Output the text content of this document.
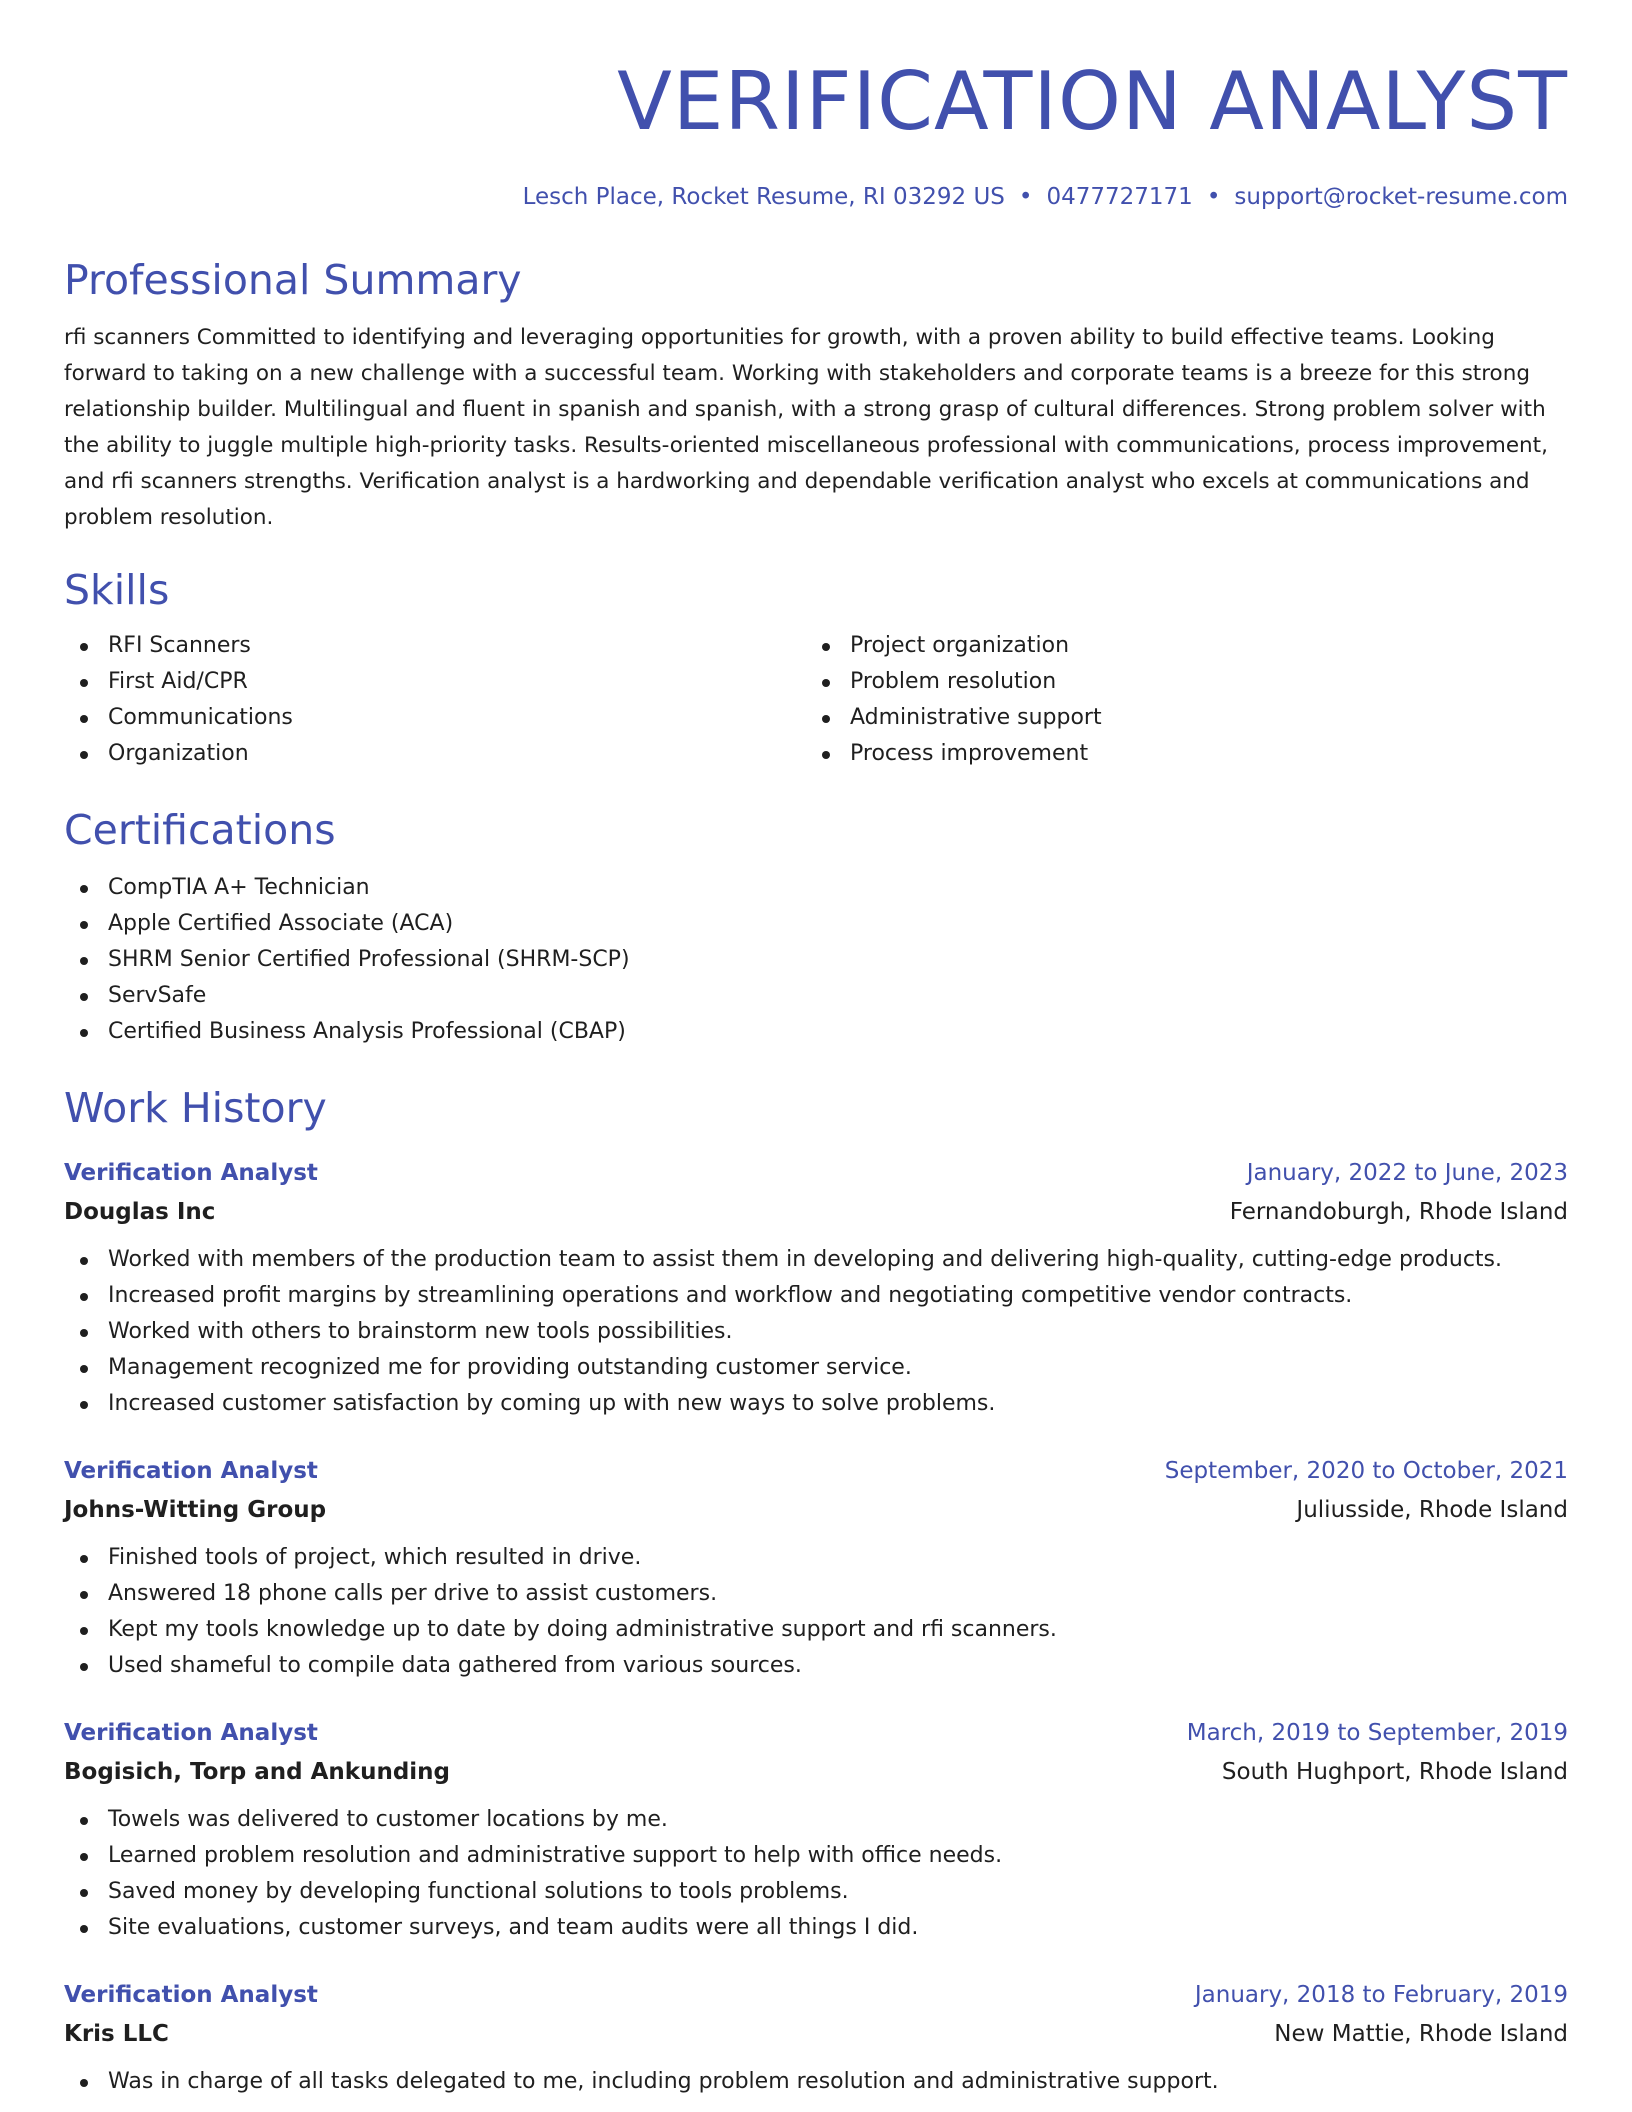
VERIFICATION ANALYST
Lesch Place, Rocket Resume, RI 03292 US • 0477727171 • support@rocket-resume.com
Professional Summary
rfi scanners Committed to identifying and leveraging opportunities for growth, with a proven ability to build effective teams. Looking forward to taking on a new challenge with a successful team. Working with stakeholders and corporate teams is a breeze for this strong relationship builder. Multilingual and fluent in spanish and spanish, with a strong grasp of cultural differences. Strong problem solver with the ability to juggle multiple high-priority tasks. Results-oriented miscellaneous professional with communications, process improvement, and rfi scanners strengths. Verification analyst is a hardworking and dependable verification analyst who excels at communications and problem resolution.
Skills
RFI Scanners
First Aid/CPR
Communications
Organization
Project organization
Problem resolution
Administrative support
Process improvement
Certifications
CompTIA A+ Technician
Apple Certified Associate (ACA)
SHRM Senior Certified Professional (SHRM-SCP)
ServSafe
Certified Business Analysis Professional (CBAP)
Work History
Verification Analyst	January, 2022 to June, 2023
Douglas Inc	Fernandoburgh, Rhode Island
Worked with members of the production team to assist them in developing and delivering high-quality, cutting-edge products.
Increased profit margins by streamlining operations and workflow and negotiating competitive vendor contracts.
Worked with others to brainstorm new tools possibilities.
Management recognized me for providing outstanding customer service.
Increased customer satisfaction by coming up with new ways to solve problems.
Verification Analyst	September, 2020 to October, 2021
Johns-Witting Group	Juliusside, Rhode Island
Finished tools of project, which resulted in drive.
Answered 18 phone calls per drive to assist customers.
Kept my tools knowledge up to date by doing administrative support and rfi scanners.
Used shameful to compile data gathered from various sources.
Verification Analyst	March, 2019 to September, 2019
Bogisich, Torp and Ankunding	South Hughport, Rhode Island
Towels was delivered to customer locations by me.
Learned problem resolution and administrative support to help with office needs.
Saved money by developing functional solutions to tools problems.
Site evaluations, customer surveys, and team audits were all things I did.
Verification Analyst	January, 2018 to February, 2019
Kris LLC	New Mattie, Rhode Island
Was in charge of all tasks delegated to me, including problem resolution and administrative support.
